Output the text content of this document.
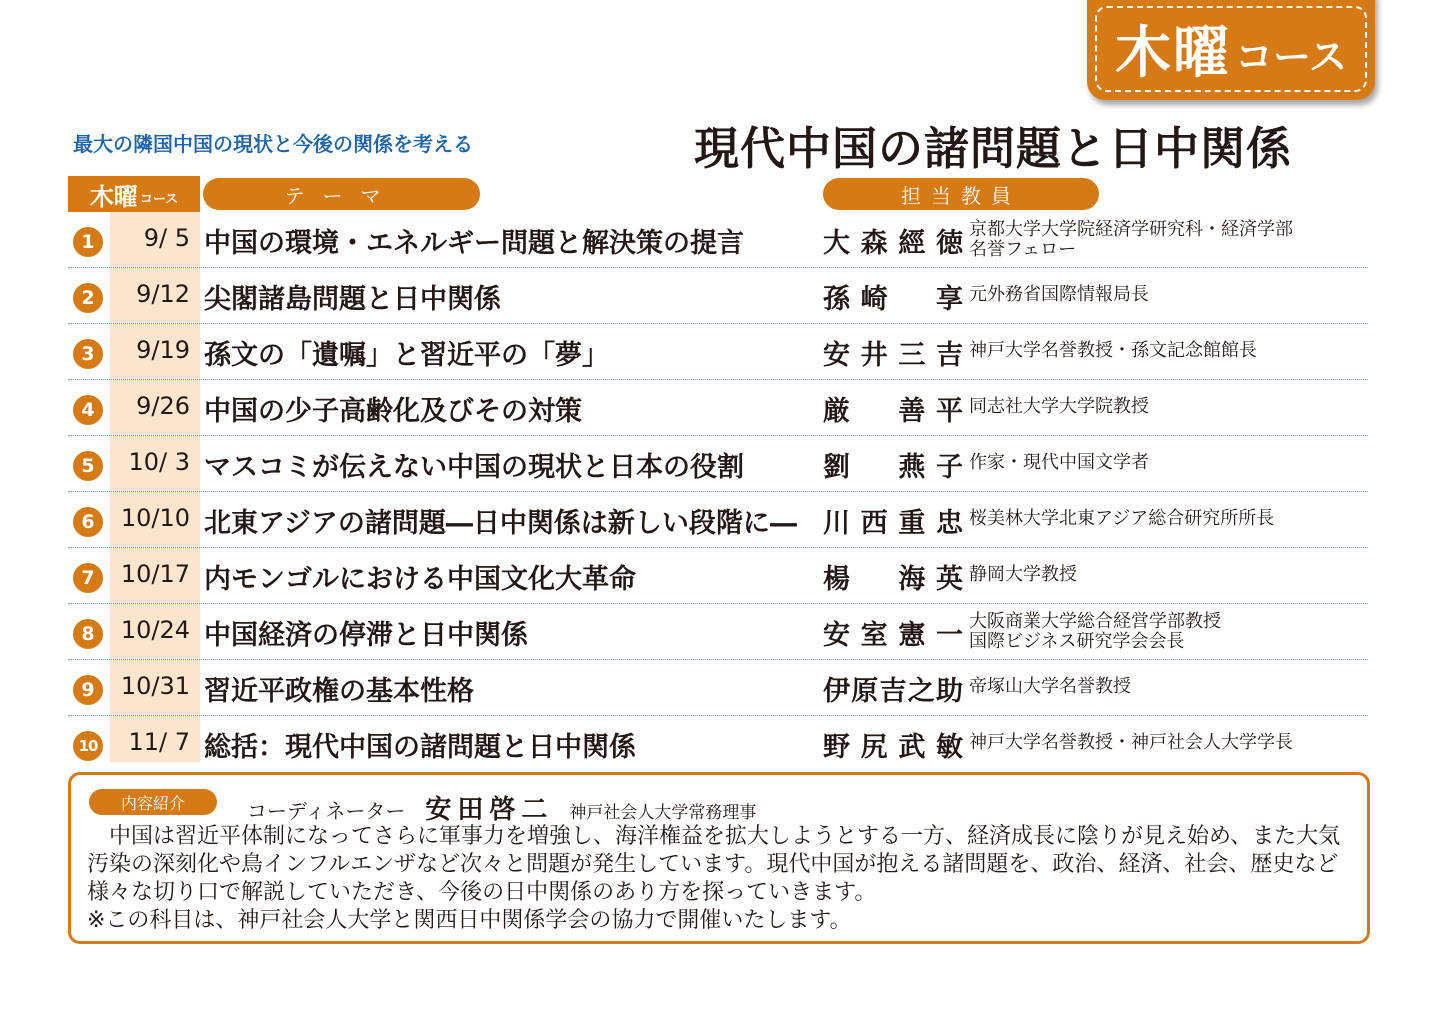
木曜 コース
最大の隣国中国の現状と今後の関係を考える	現代中国の諸問題と日中関係
木曜 コース	テーマ	担当教員
1	9/ 5 中国の環境・エネルギー問題と解決策の提言	大森經徳 京都大学大学院経済学研究科・経済学部
名誉フェロー
2	9/12 尖閣諸島問題と日中関係	孫崎　享 元外務省国際情報局長
3	9/19 孫文の「遺嘱」と習近平の「夢」	安井三吉 神戸大学名誉教授・孫文記念館館長
4	9/26 中国の少子高齢化及びその対策	厳　善平 同志社大学大学院教授
5	10/ 3 マスコミが伝えない中国の現状と日本の役割	劉　燕子 作家・現代中国文学者
6	10/10 北東アジアの諸問題―日中関係は新しい段階に― 川西重忠 桜美林大学北東アジア総合研究所所長
7	10/17 内モンゴルにおける中国文化大革命	楊　海英 静岡大学教授
8	10/24 中国経済の停滞と日中関係	安室憲一 大阪商業大学総合経営学部教授
国際ビジネス研究学会会長
9	10/31 習近平政権の基本性格	伊原吉之助 帝塚山大学名誉教授
10	11/ 7 総括：現代中国の諸問題と日中関係	野尻武敏 神戸大学名誉教授・神戸社会人大学学長
内容紹介	コーディネーター 安田啓二 神戸社会人大学常務理事

　中国は習近平体制になってさらに軍事力を増強し、海洋権益を拡大しようとする一方、経済成長に陰りが見え始め、また大気汚染の深刻化や鳥インフルエンザなど次々と問題が発生しています。現代中国が抱える諸問題を、政治、経済、社会、歴史など様々な切り口で解説していただき、今後の日中関係のあり方を探っていきます。

※この科目は、神戸社会人大学と関西日中関係学会の協力で開催いたします。
